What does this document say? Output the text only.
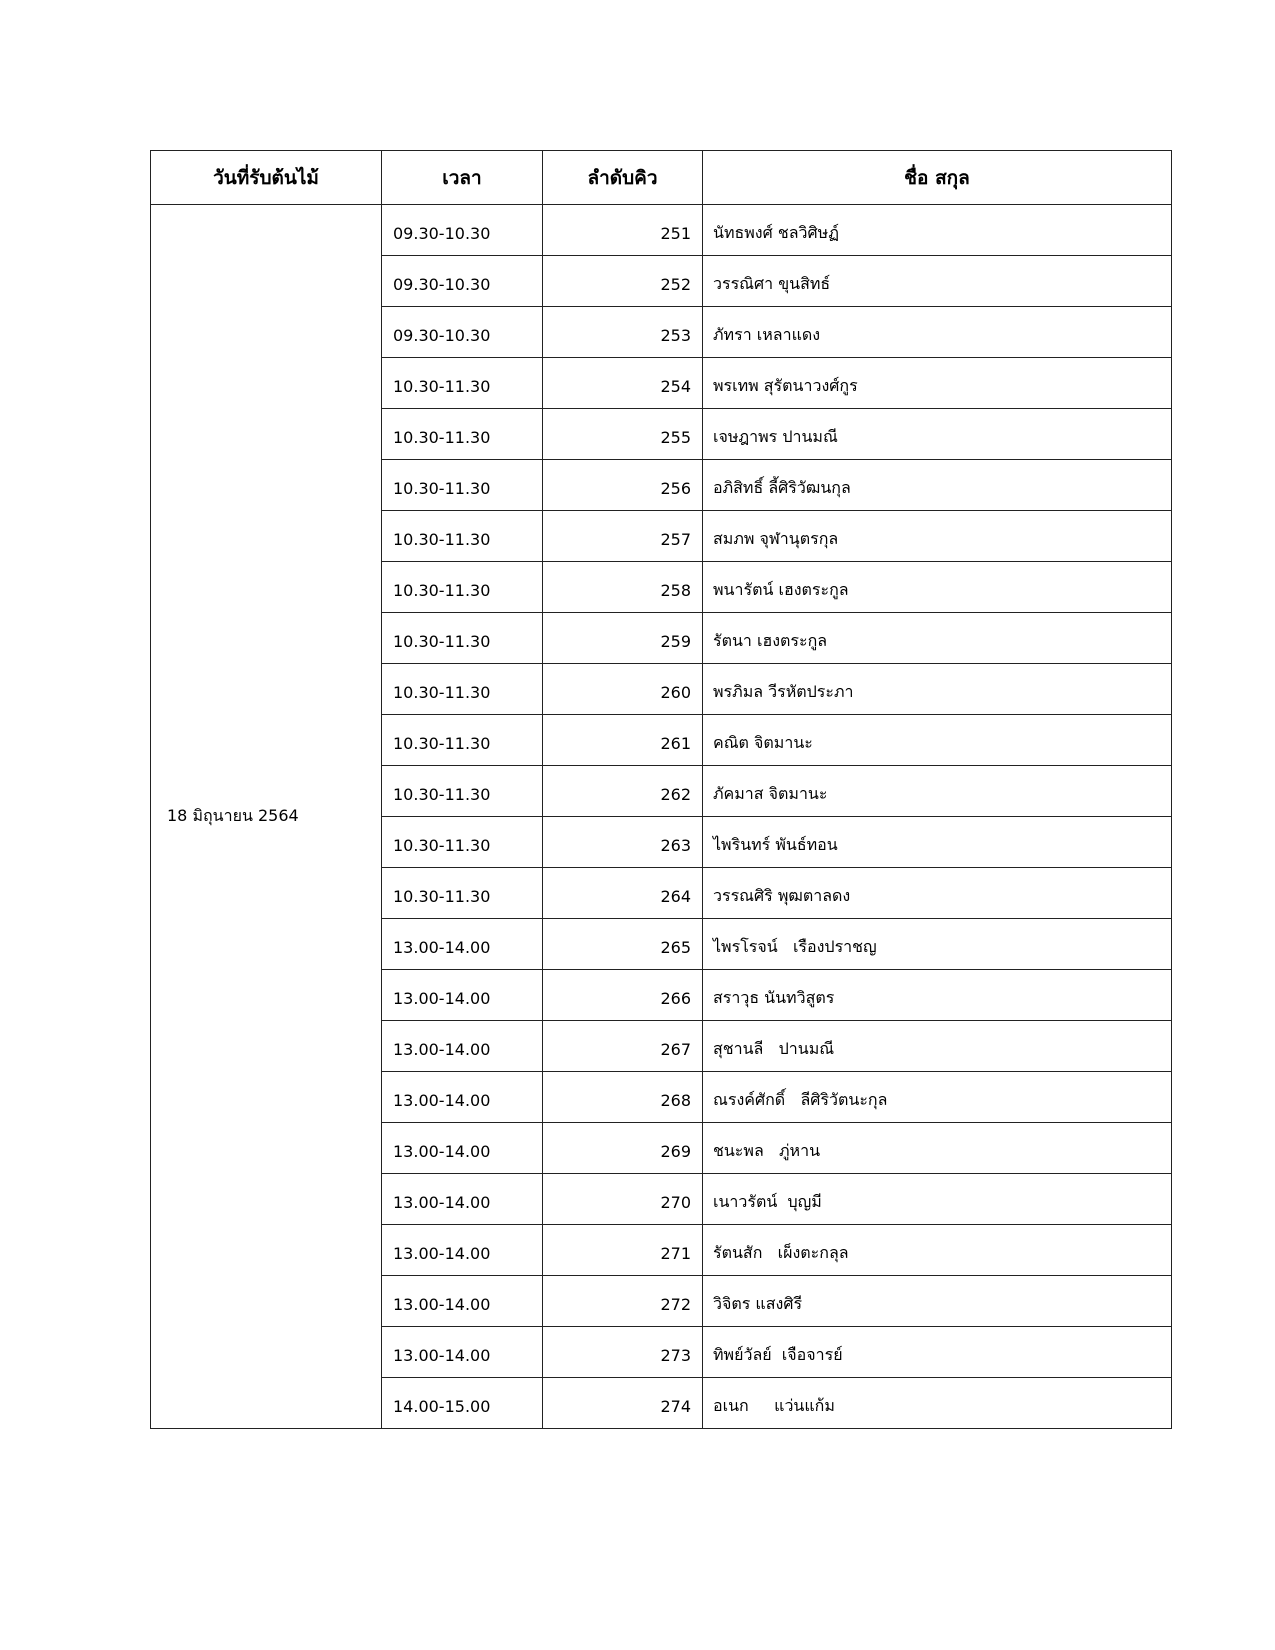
วันที่รับต้นไม้	เวลา	ลำดับคิว	ชื่อ สกุล
18 มิถุนายน 2564	09.30-10.30	251	นัทธพงศ์ ชลวิศิษฏ์
	09.30-10.30	252	วรรณิศา ขุนสิทธ์
	09.30-10.30	253	ภัทรา เหลาแดง
	10.30-11.30	254	พรเทพ สุรัตนาวงศ์กูร
	10.30-11.30	255	เจษฎาพร ปานมณี
	10.30-11.30	256	อภิสิทธิ์ ลี้ศิริวัฒนกุล
	10.30-11.30	257	สมภพ จุฬานุตรกุล
	10.30-11.30	258	พนารัตน์ เฮงตระกูล
	10.30-11.30	259	รัตนา เฮงตระกูล
	10.30-11.30	260	พรภิมล วีรหัตประภา
	10.30-11.30	261	คณิต จิตมานะ
	10.30-11.30	262	ภัคมาส จิตมานะ
	10.30-11.30	263	ไพรินทร์ พันธ์ทอน
	10.30-11.30	264	วรรณศิริ พุฒตาลดง
	13.00-14.00	265	ไพรโรจน์   เรืองปราชญ
	13.00-14.00	266	สราวุธ นันทวิสูตร
	13.00-14.00	267	สุชานลี   ปานมณี
	13.00-14.00	268	ณรงค์ศักดิ์   ลีศิริวัตนะกุล
	13.00-14.00	269	ชนะพล   ภู่หาน
	13.00-14.00	270	เนาวรัตน์  บุญมี
	13.00-14.00	271	รัตนสัก   เผ็งตะกลุล
	13.00-14.00	272	วิจิตร แสงศิรี
	13.00-14.00	273	ทิพย์วัลย์  เจือจารย์
	14.00-15.00	274	อเนก     แว่นแก้ม
